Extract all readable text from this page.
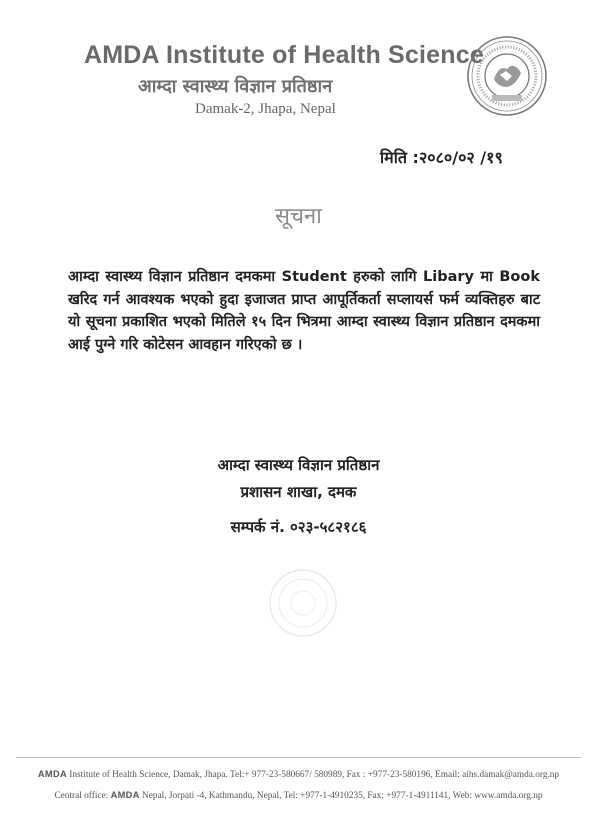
AMDA Institute of Health Science
आम्दा स्वास्थ्य विज्ञान प्रतिष्ठान
Damak-2, Jhapa, Nepal
मिति :२०८०/०२ /१९
सूचना
आम्दा स्वास्थ्य विज्ञान प्रतिष्ठान दमकमा Student हरुको लागि Libary मा Book खरिद गर्न आवश्यक भएको हुदा इजाजत प्राप्त आपूर्तिकर्ता सप्लायर्स फर्म व्यक्तिहरु बाट यो सूचना प्रकाशित भएको मितिले १५ दिन भित्रमा आम्दा स्वास्थ्य विज्ञान प्रतिष्ठान दमकमा आई पुग्ने गरि कोटेसन आवहान गरिएको छ ।
आम्दा स्वास्थ्य विज्ञान प्रतिष्ठान
प्रशासन शाखा, दमक
सम्पर्क नं. ०२३-५८२१८६
AMDA Institute of Health Science, Damak, Jhapa. Tel:+ 977-23-580667/ 580989, Fax : +977-23-580196, Email: aihs.damak@amda.org.np
Central office: AMDA Nepal, Jorpati -4, Kathmandu, Nepal, Tel: +977-1-4910235, Fax: +977-1-4911141, Web: www.amda.org.np
